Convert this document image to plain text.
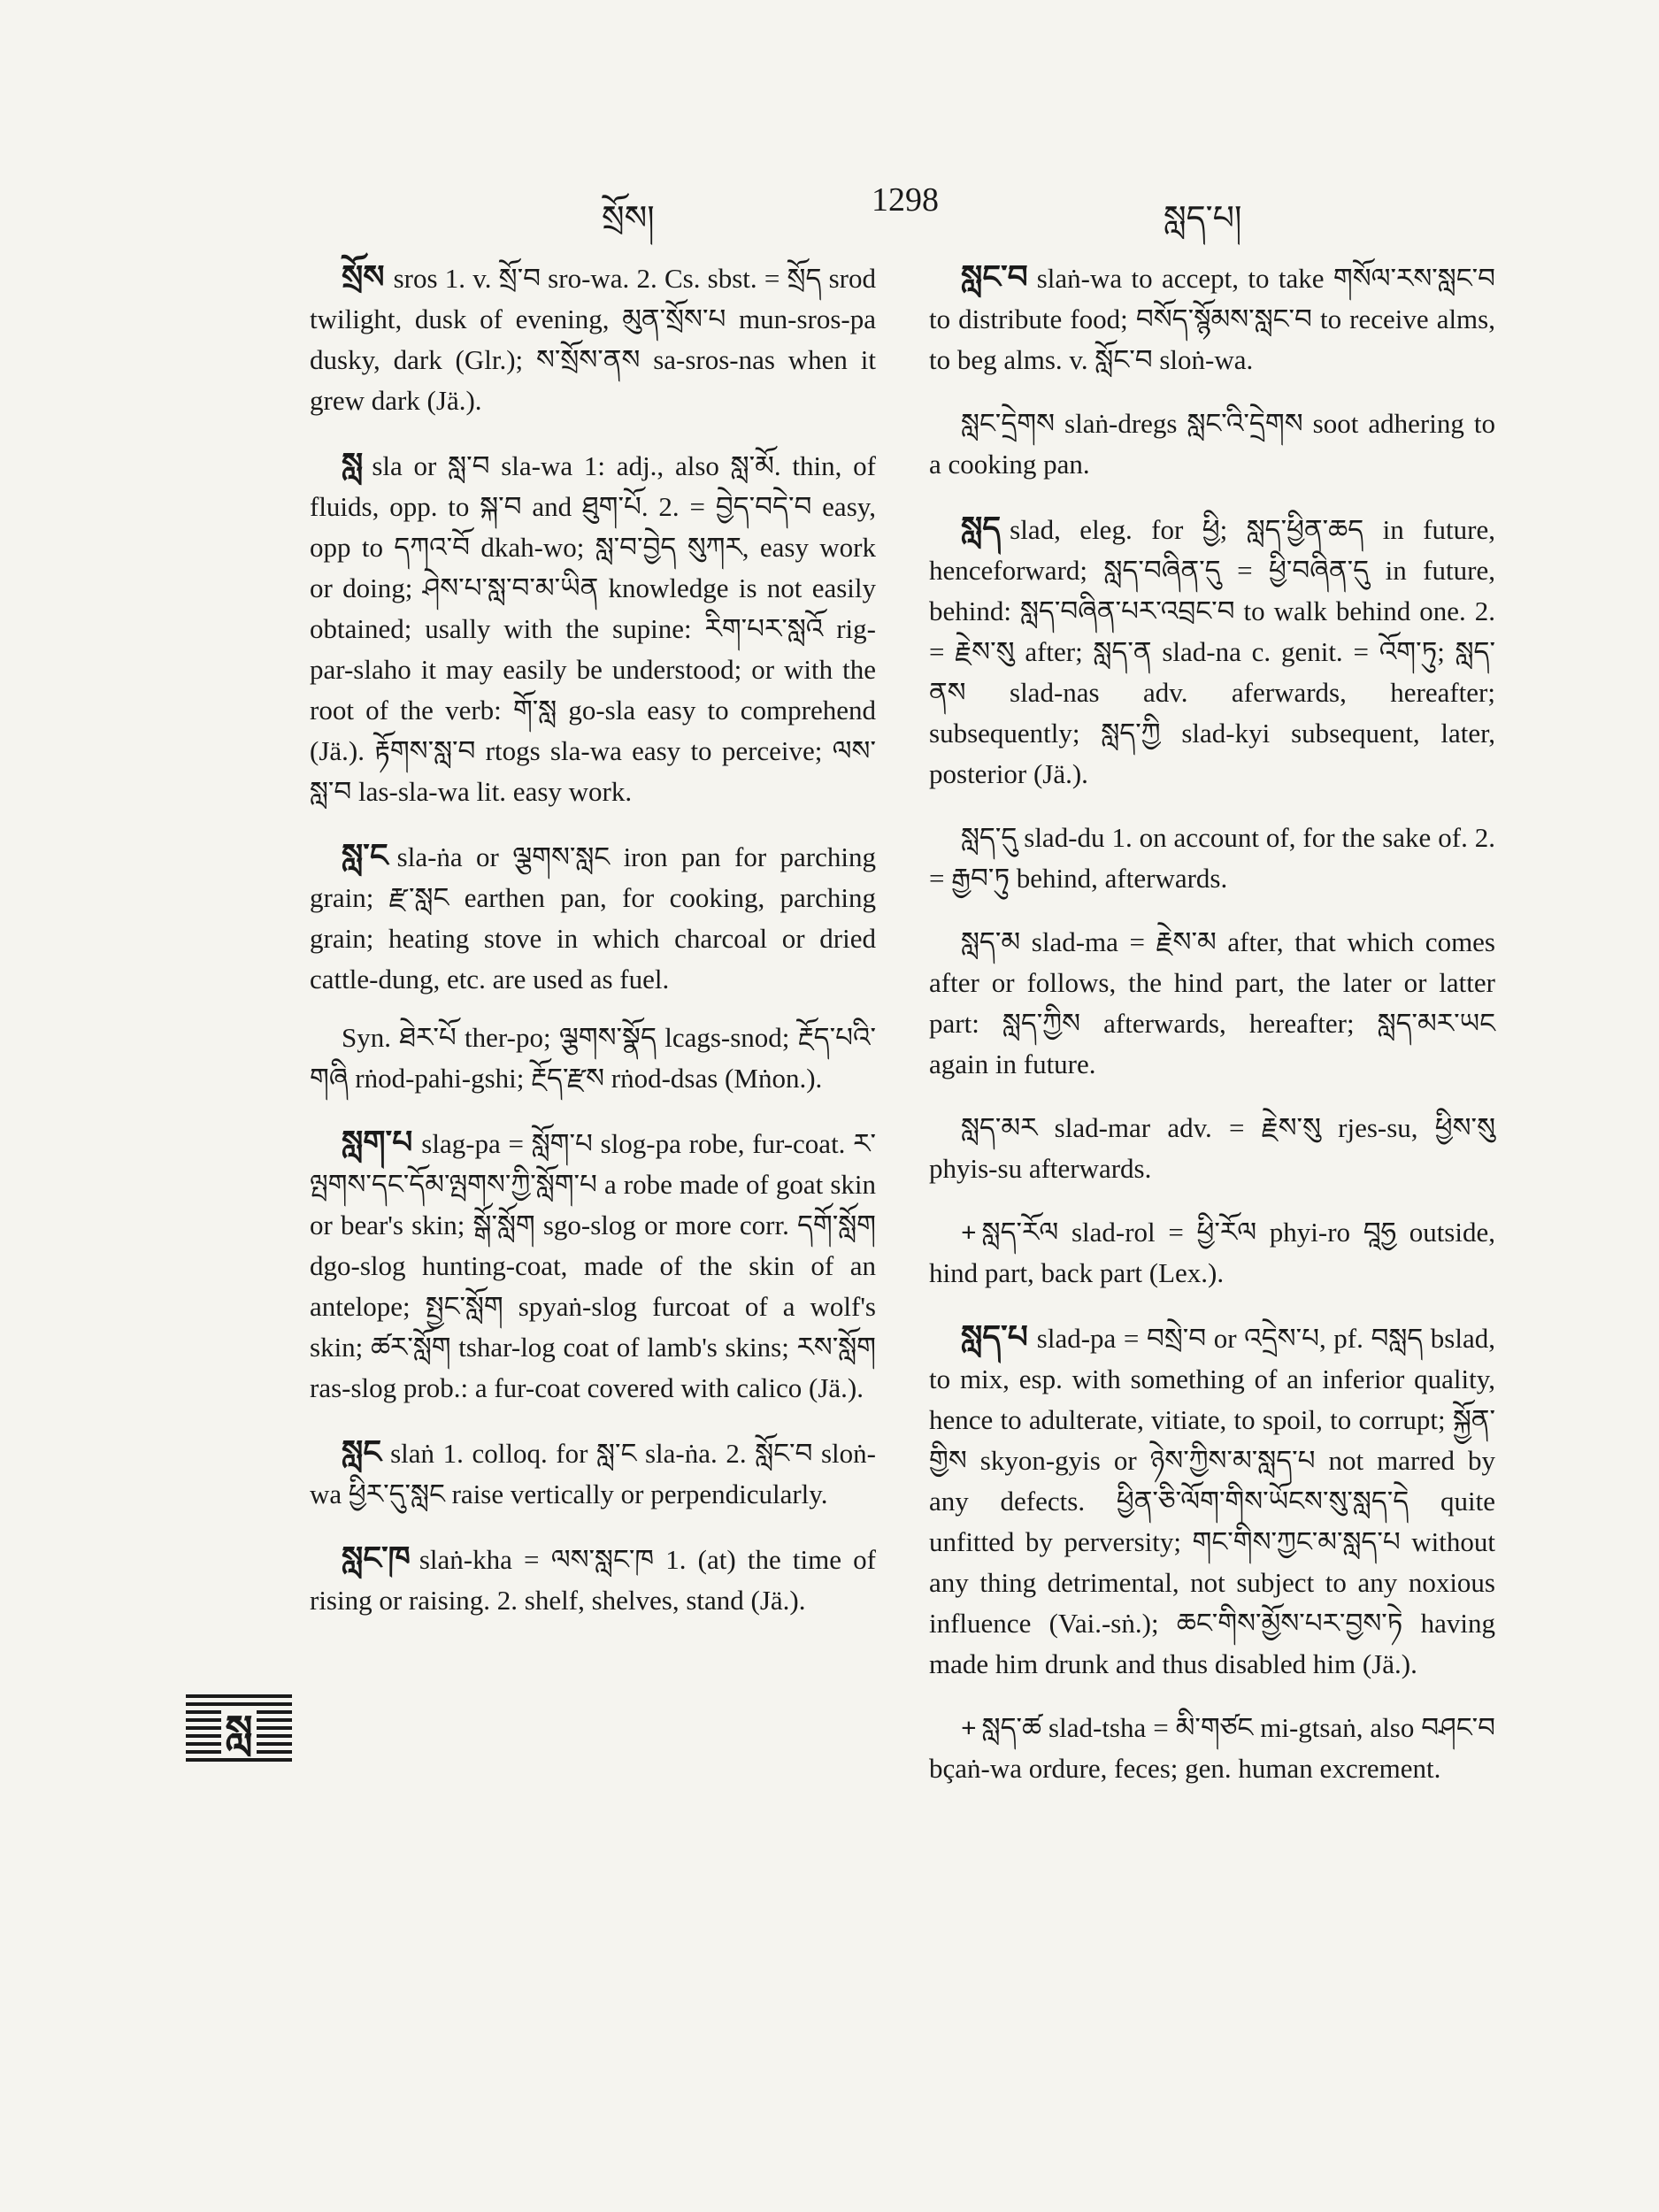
སྲོས།	1298	སླད་པ།
སླ

སྲོས sros 1. v. སྲོ་བ sro-wa. 2. Cs. sbst. = སྲོད srod twilight, dusk of evening, མུན་སྲོས་པ mun-sros-pa dusky, dark (Glr.); ས་སྲོས་ནས sa-sros-nas when it grew dark (Jä.).

སླ sla or སླ་བ sla-wa 1: adj., also སླ་མོ. thin, of fluids, opp. to སྐ་བ and ཐུག་པོ. 2. = བྱེད་བདེ་བ easy, opp to དཀའ་བོ dkah-wo; སླ་བ་བྱེད སུཀར, easy work or doing; ཤེས་པ་སླ་བ་མ་ཡིན knowledge is not easily obtained; usally with the supine: རིག་པར་སླའོ rig-par-slaho it may easily be understood; or with the root of the verb: གོ་སླ go-sla easy to comprehend (Jä.). རྟོགས་སླ་བ rtogs sla-wa easy to perceive; ལས་སླ་བ las-sla-wa lit. easy work.

སླ་ང sla-ṅa or ལྕགས་སླང iron pan for parching grain; རྫ་སླང earthen pan, for cooking, parching grain; heating stove in which charcoal or dried cattle-dung, etc. are used as fuel.

Syn. ཐེར་པོ ther-po; ལྕགས་སྣོད lcags-snod; རྔོད་པའི་གཞི rṅod-pahi-gshi; རྔོད་རྫས rṅod-dsas (Mṅon.).

སླག་པ slag-pa = སློག་པ slog-pa robe, fur-coat. ར་ལྤགས་དང་དོམ་ལྤགས་ཀྱི་སློག་པ a robe made of goat skin or bear's skin; སྒོ་སློག sgo-slog or more corr. དགོ་སློག dgo-slog hunting-coat, made of the skin of an antelope; སྤྱང་སློག spyaṅ-slog furcoat of a wolf's skin; ཚར་སློག tshar-log coat of lamb's skins; རས་སློག ras-slog prob.: a fur-coat covered with calico (Jä.).

སླང slaṅ 1. colloq. for སླ་ང sla-ṅa. 2. སློང་བ sloṅ-wa ཕྱིར་དུ་སླང raise vertically or perpendicularly.

སླང་ཁ slaṅ-kha = ལས་སླང་ཁ 1. (at) the time of rising or raising. 2. shelf, shelves, stand (Jä.).

སླང་བ slaṅ-wa to accept, to take གསོལ་རས་སླང་བ to distribute food; བསོད་སྙོམས་སླང་བ to receive alms, to beg alms. v. སློང་བ sloṅ-wa.

སླང་དྲེགས slaṅ-dregs སླང་འི་དྲེགས soot adhering to a cooking pan.

སླད slad, eleg. for ཕྱི; སླད་ཕྱིན་ཆད in future, henceforward; སླད་བཞིན་དུ = ཕྱི་བཞིན་དུ in future, behind: སླད་བཞིན་པར་འབྲང་བ to walk behind one. 2. = རྗེས་སུ after; སླད་ན slad-na c. genit. = འོག་ཏུ; སླད་ནས slad-nas adv. aferwards, hereafter; subsequently; སླད་ཀྱི slad-kyi subsequent, later, posterior (Jä.).

སླད་དུ slad-du 1. on account of, for the sake of. 2. = རྒྱབ་ཏུ behind, afterwards.

སླད་མ slad-ma = རྗེས་མ after, that which comes after or follows, the hind part, the later or latter part: སླད་ཀྱིས afterwards, hereafter; སླད་མར་ཡང again in future.

སླད་མར slad-mar adv. = རྗེས་སུ rjes-su, ཕྱིས་སུ phyis-su afterwards.

+ སླད་རོལ slad-rol = ཕྱི་རོལ phyi-ro བཱཧྱ outside, hind part, back part (Lex.).

སླད་པ slad-pa = བསྲེ་བ or འདྲེས་པ, pf. བསླད bslad, to mix, esp. with something of an inferior quality, hence to adulterate, vitiate, to spoil, to corrupt; སྐྱོན་གྱིས skyon-gyis or ཉེས་ཀྱིས་མ་སླད་པ not marred by any defects. ཕྱིན་ཅི་ལོག་གིས་ཡོངས་སུ་སླད་དེ quite unfitted by perversity; གང་གིས་ཀྱང་མ་སླད་པ without any thing detrimental, not subject to any noxious influence (Vai.-sṅ.); ཆང་གིས་མྱོས་པར་བྱས་ཏེ having made him drunk and thus disabled him (Jä.).

+ སླད་ཚ slad-tsha = མི་གཙང mi-gtsaṅ, also བཤང་བ bçaṅ-wa ordure, feces; gen. human excrement.
